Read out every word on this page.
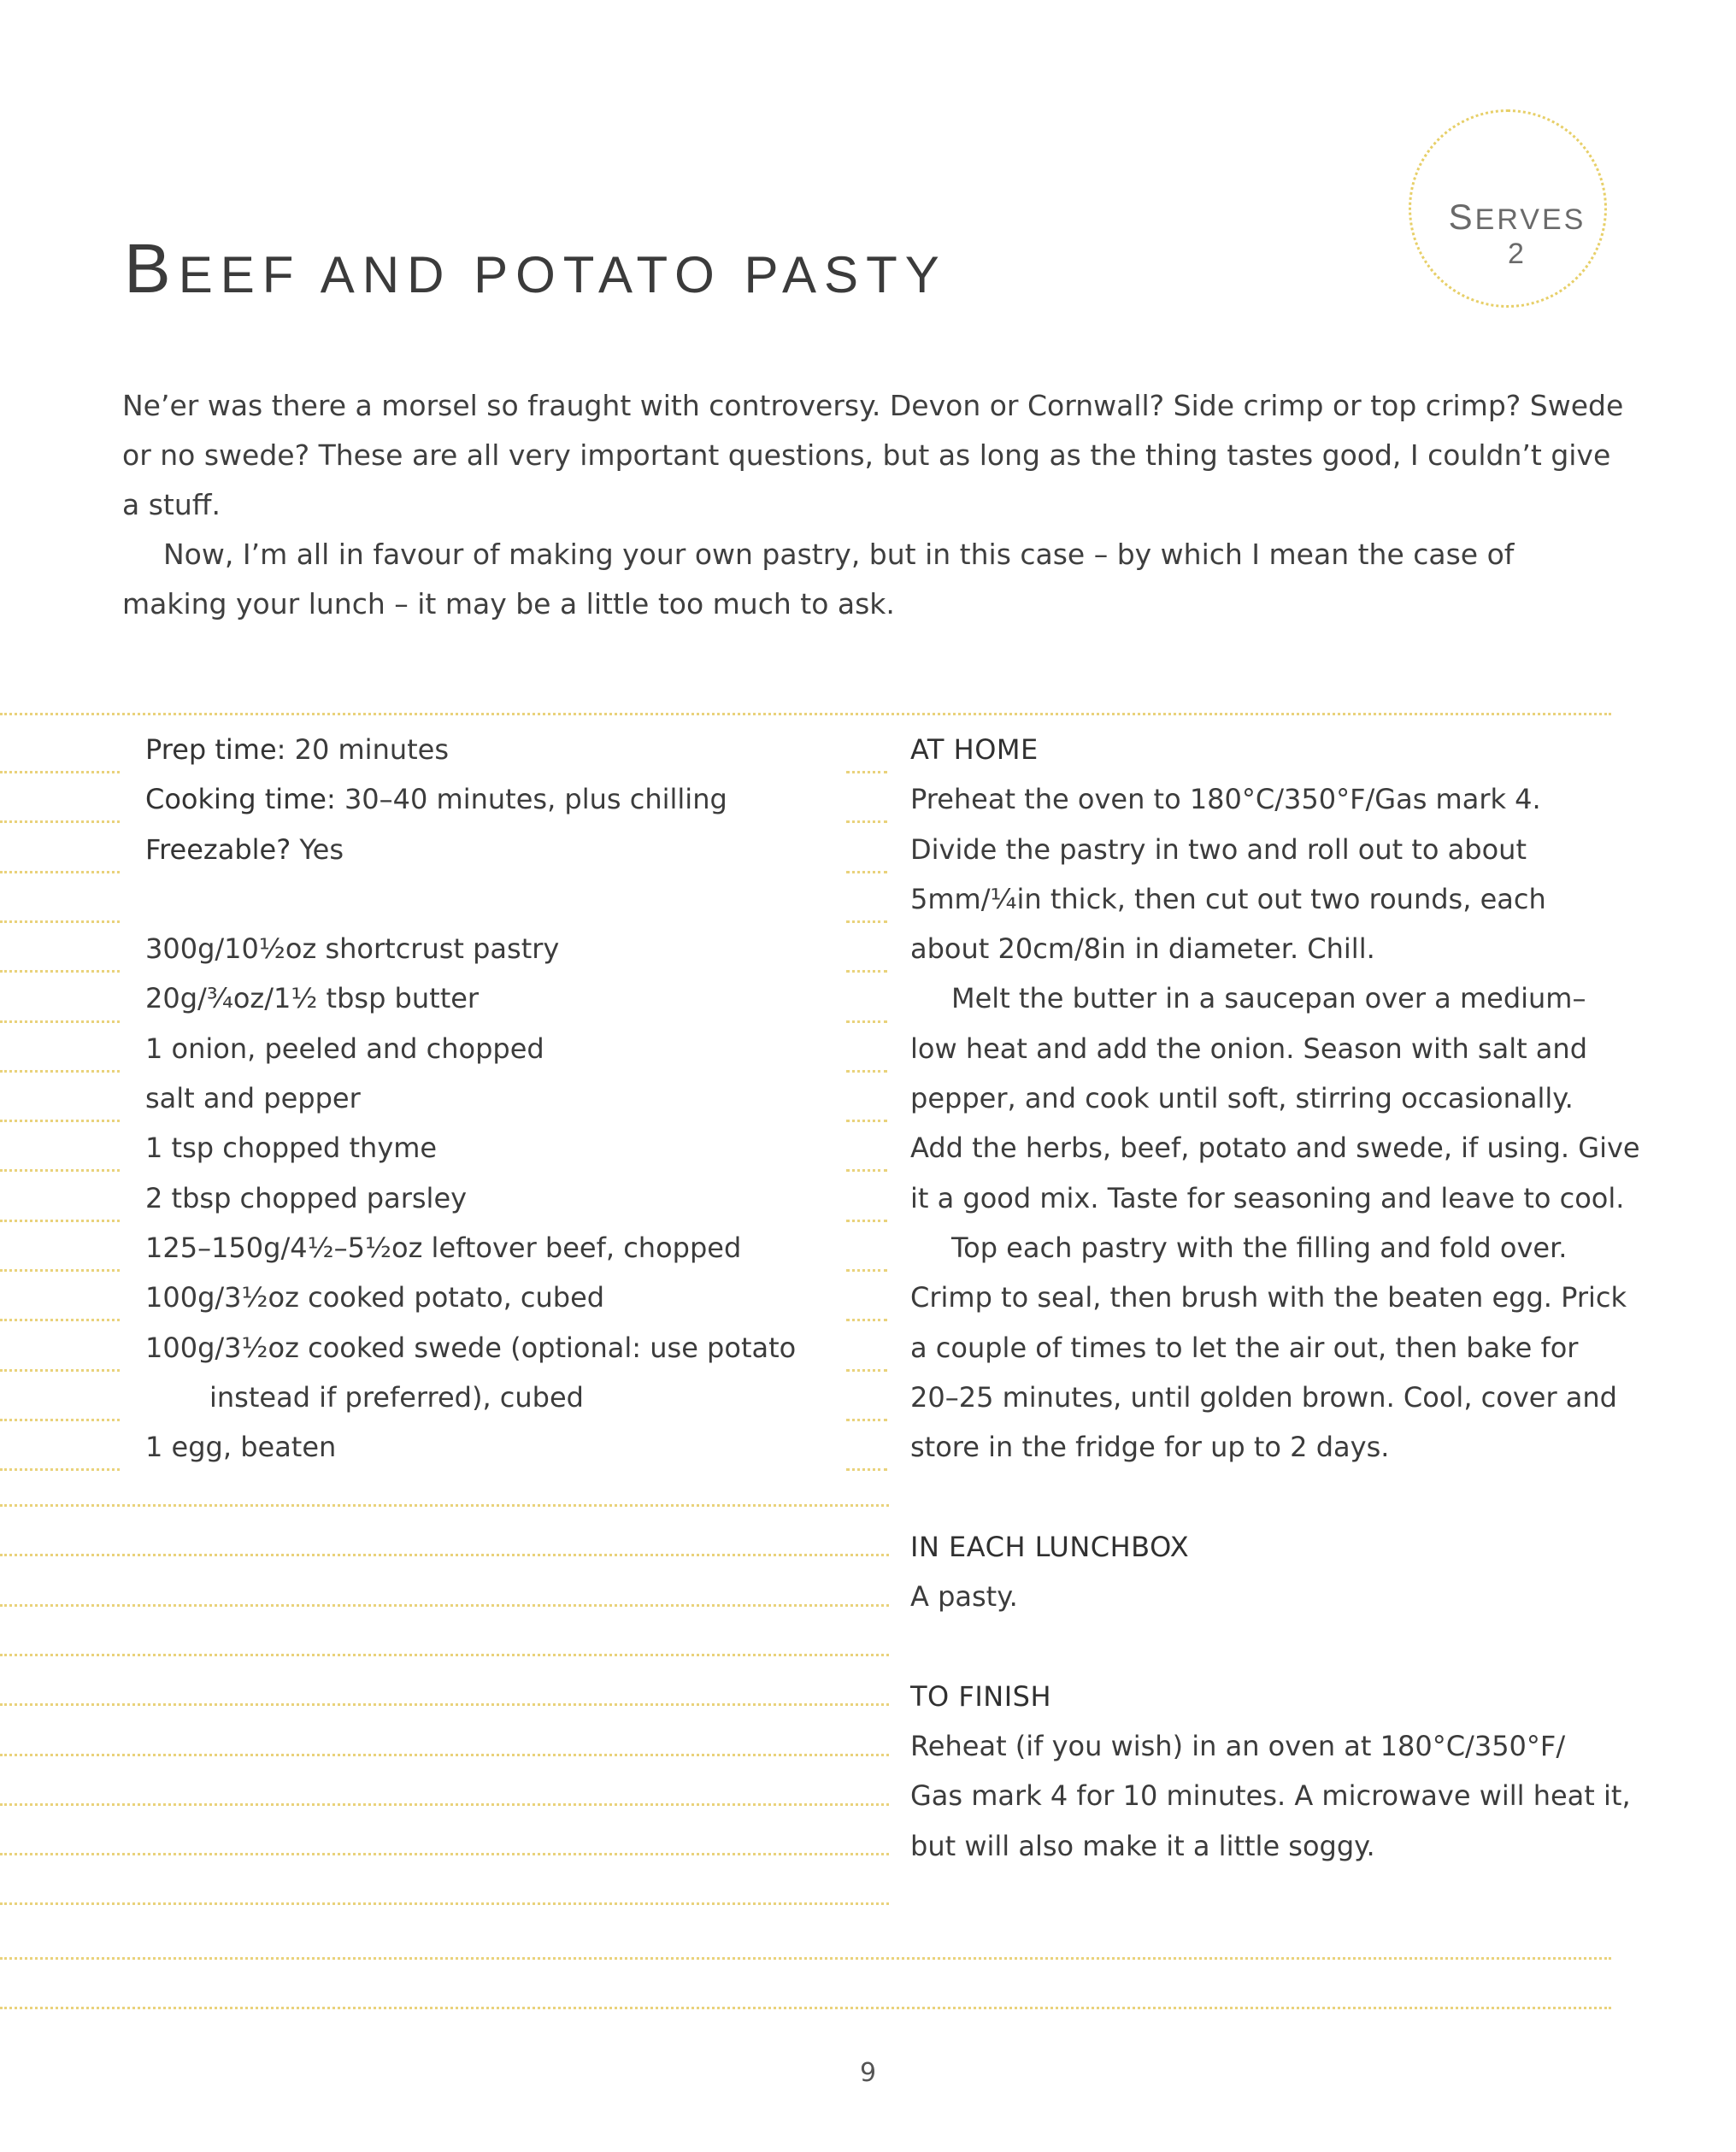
SERVES 2
BEEF AND POTATO PASTY

Ne’er was there a morsel so fraught with controversy. Devon or Cornwall? Side crimp or top crimp? Swede or no swede? These are all very important questions, but as long as the thing tastes good, I couldn’t give a stuff.

Now, I’m all in favour of making your own pastry, but in this case – by which I mean the case of making your lunch – it may be a little too much to ask.

Prep time: 20 minutes
Cooking time: 30–40 minutes, plus chilling
Freezable? Yes
300g/10½oz shortcrust pastry
20g/¾oz/1½ tbsp butter
1 onion, peeled and chopped
salt and pepper
1 tsp chopped thyme
2 tbsp chopped parsley
125–150g/4½–5½oz leftover beef, chopped
100g/3½oz cooked potato, cubed
100g/3½oz cooked swede (optional: use potato
instead if preferred), cubed
1 egg, beaten
AT HOME
Preheat the oven to 180°C/350°F/Gas mark 4.
Divide the pastry in two and roll out to about
5mm/¼in thick, then cut out two rounds, each
about 20cm/8in in diameter. Chill.
Melt the butter in a saucepan over a medium–
low heat and add the onion. Season with salt and
pepper, and cook until soft, stirring occasionally.
Add the herbs, beef, potato and swede, if using. Give
it a good mix. Taste for seasoning and leave to cool.
Top each pastry with the filling and fold over.
Crimp to seal, then brush with the beaten egg. Prick
a couple of times to let the air out, then bake for
20–25 minutes, until golden brown. Cool, cover and
store in the fridge for up to 2 days.
IN EACH LUNCHBOX
A pasty.
TO FINISH
Reheat (if you wish) in an oven at 180°C/350°F/
Gas mark 4 for 10 minutes. A microwave will heat it,
but will also make it a little soggy.
9
